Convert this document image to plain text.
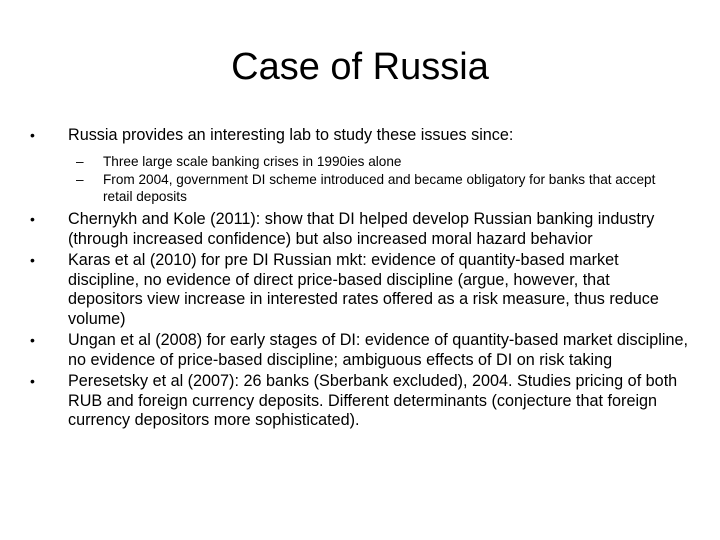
Case of Russia
•	Russia provides an interesting lab to study these issues since:
–	Three large scale banking crises in 1990ies alone
–	From 2004, government DI scheme introduced and became obligatory for banks that accept retail deposits
•	Chernykh and Kole (2011): show that DI helped develop Russian banking industry (through increased confidence) but also increased moral hazard behavior
•	Karas et al (2010) for pre DI Russian mkt: evidence of quantity-based market discipline, no evidence of direct price-based discipline (argue, however, that depositors view increase in interested rates offered as a risk measure, thus reduce volume)
•	Ungan et al (2008) for early stages of DI: evidence of quantity-based market discipline, no evidence of price-based discipline; ambiguous effects of DI on risk taking
•	Peresetsky et al (2007): 26 banks (Sberbank excluded), 2004. Studies pricing of both RUB and foreign currency deposits. Different determinants (conjecture that foreign currency depositors more sophisticated).
